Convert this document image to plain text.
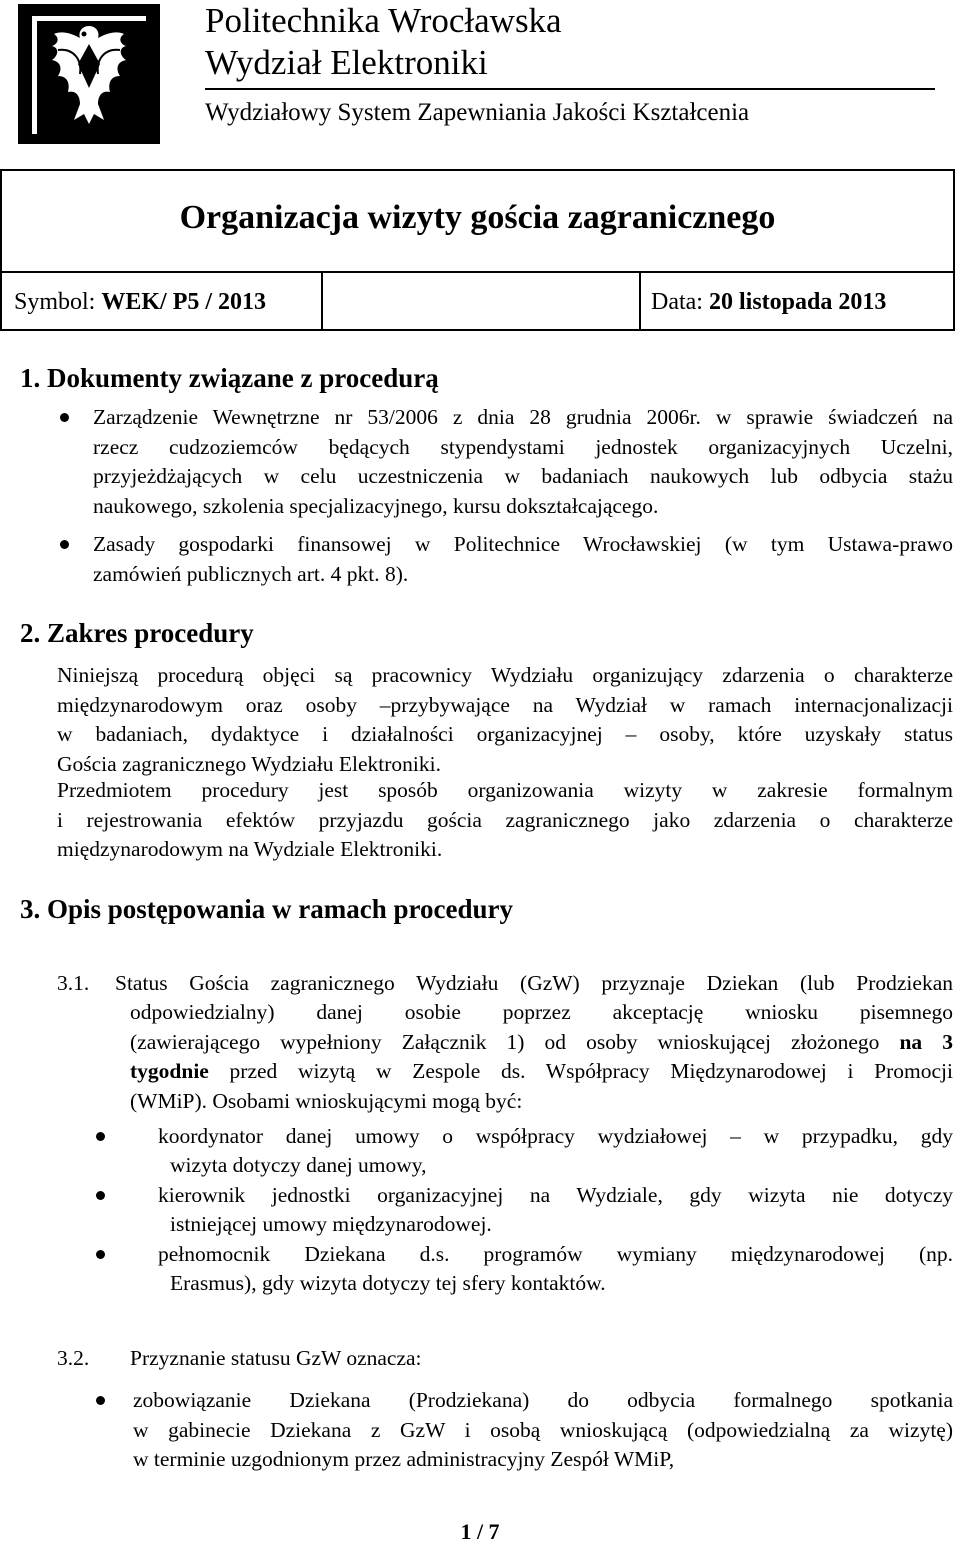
Politechnika Wrocławska
Wydział Elektroniki
Wydziałowy System Zapewniania Jakości Kształcenia
Organizacja wizyty gościa zagranicznego
Symbol: WEK/ P5 / 2013	Data: 20 listopada 2013
1. Dokumenty związane z procedurą
Zarządzenie Wewnętrzne nr 53/2006 z dnia 28 grudnia 2006r. w sprawie świadczeń na
rzecz cudzoziemców będących stypendystami jednostek organizacyjnych Uczelni,
przyjeżdżających w celu uczestniczenia w badaniach naukowych lub odbycia stażu
naukowego, szkolenia specjalizacyjnego, kursu dokształcającego.
Zasady gospodarki finansowej w Politechnice Wrocławskiej (w tym Ustawa-prawo
zamówień publicznych art. 4 pkt. 8).
2. Zakres procedury
Niniejszą procedurą objęci są pracownicy Wydziału organizujący zdarzenia o charakterze
międzynarodowym oraz osoby –przybywające na Wydział w ramach internacjonalizacji
w badaniach, dydaktyce i działalności organizacyjnej – osoby, które uzyskały status
Gościa zagranicznego Wydziału Elektroniki.
Przedmiotem procedury jest sposób organizowania wizyty w zakresie formalnym
i rejestrowania efektów przyjazdu gościa zagranicznego jako zdarzenia o charakterze
międzynarodowym na Wydziale Elektroniki.
3. Opis postępowania w ramach procedury
3.1. Status Gościa zagranicznego Wydziału (GzW) przyznaje Dziekan (lub Prodziekan
odpowiedzialny) danej osobie poprzez akceptację wniosku pisemnego
(zawierającego wypełniony Załącznik 1) od osoby wnioskującej złożonego na 3
tygodnie przed wizytą w Zespole ds. Współpracy Międzynarodowej i Promocji
(WMiP). Osobami wnioskującymi mogą być:
koordynator danej umowy o współpracy wydziałowej – w przypadku, gdy
wizyta dotyczy danej umowy,
kierownik jednostki organizacyjnej na Wydziale, gdy wizyta nie dotyczy
istniejącej umowy międzynarodowej.
pełnomocnik Dziekana d.s. programów wymiany międzynarodowej (np.
Erasmus), gdy wizyta dotyczy tej sfery kontaktów.
3.2. Przyznanie statusu GzW oznacza:
zobowiązanie Dziekana (Prodziekana) do odbycia formalnego spotkania
w gabinecie Dziekana z GzW i osobą wnioskującą (odpowiedzialną za wizytę)
w terminie uzgodnionym przez administracyjny Zespół WMiP,
1 / 7
